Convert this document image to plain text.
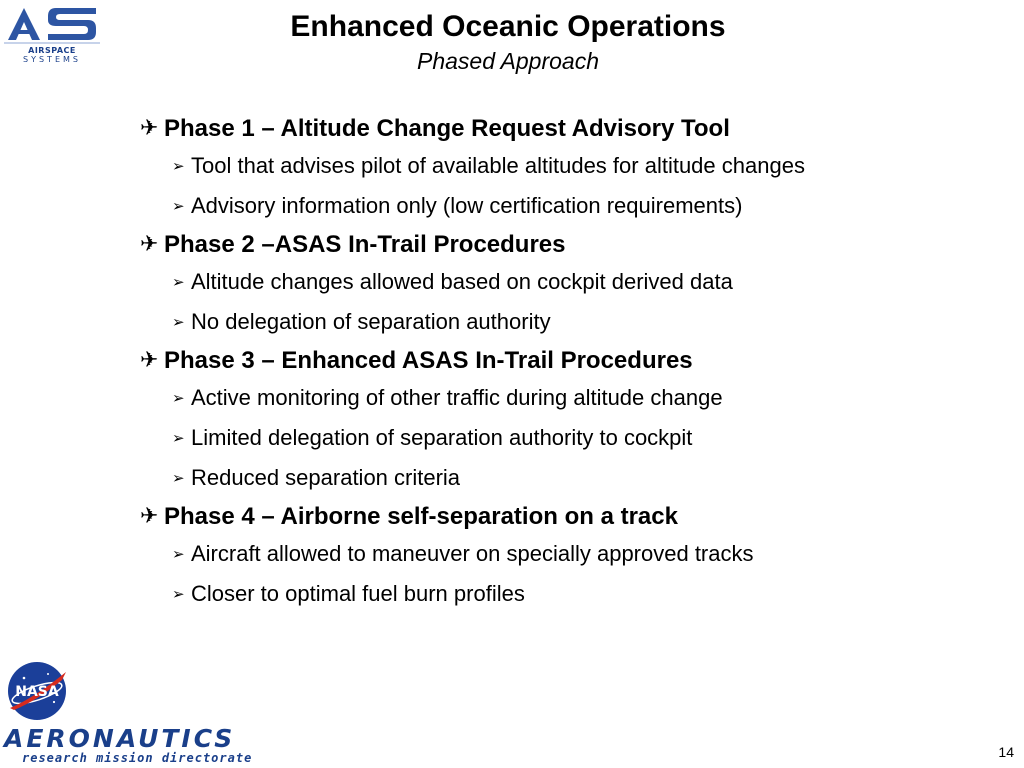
AIRSPACE
SYSTEMS
Enhanced Oceanic Operations
Phased Approach
✈ Phase 1 – Altitude Change Request Advisory Tool
➢ Tool that advises pilot of available altitudes for altitude changes
➢ Advisory information only (low certification requirements)
✈ Phase 2 –ASAS In-Trail Procedures
➢ Altitude changes allowed based on cockpit derived data
➢ No delegation of separation authority
✈ Phase 3 – Enhanced ASAS In-Trail Procedures
➢ Active monitoring of other traffic during altitude change
➢ Limited delegation of separation authority to cockpit
➢ Reduced separation criteria
✈ Phase 4 – Airborne self-separation on a track
➢ Aircraft allowed to maneuver on specially approved tracks
➢ Closer to optimal fuel burn profiles
NASA
AERONAUTICS
research mission directorate	14
